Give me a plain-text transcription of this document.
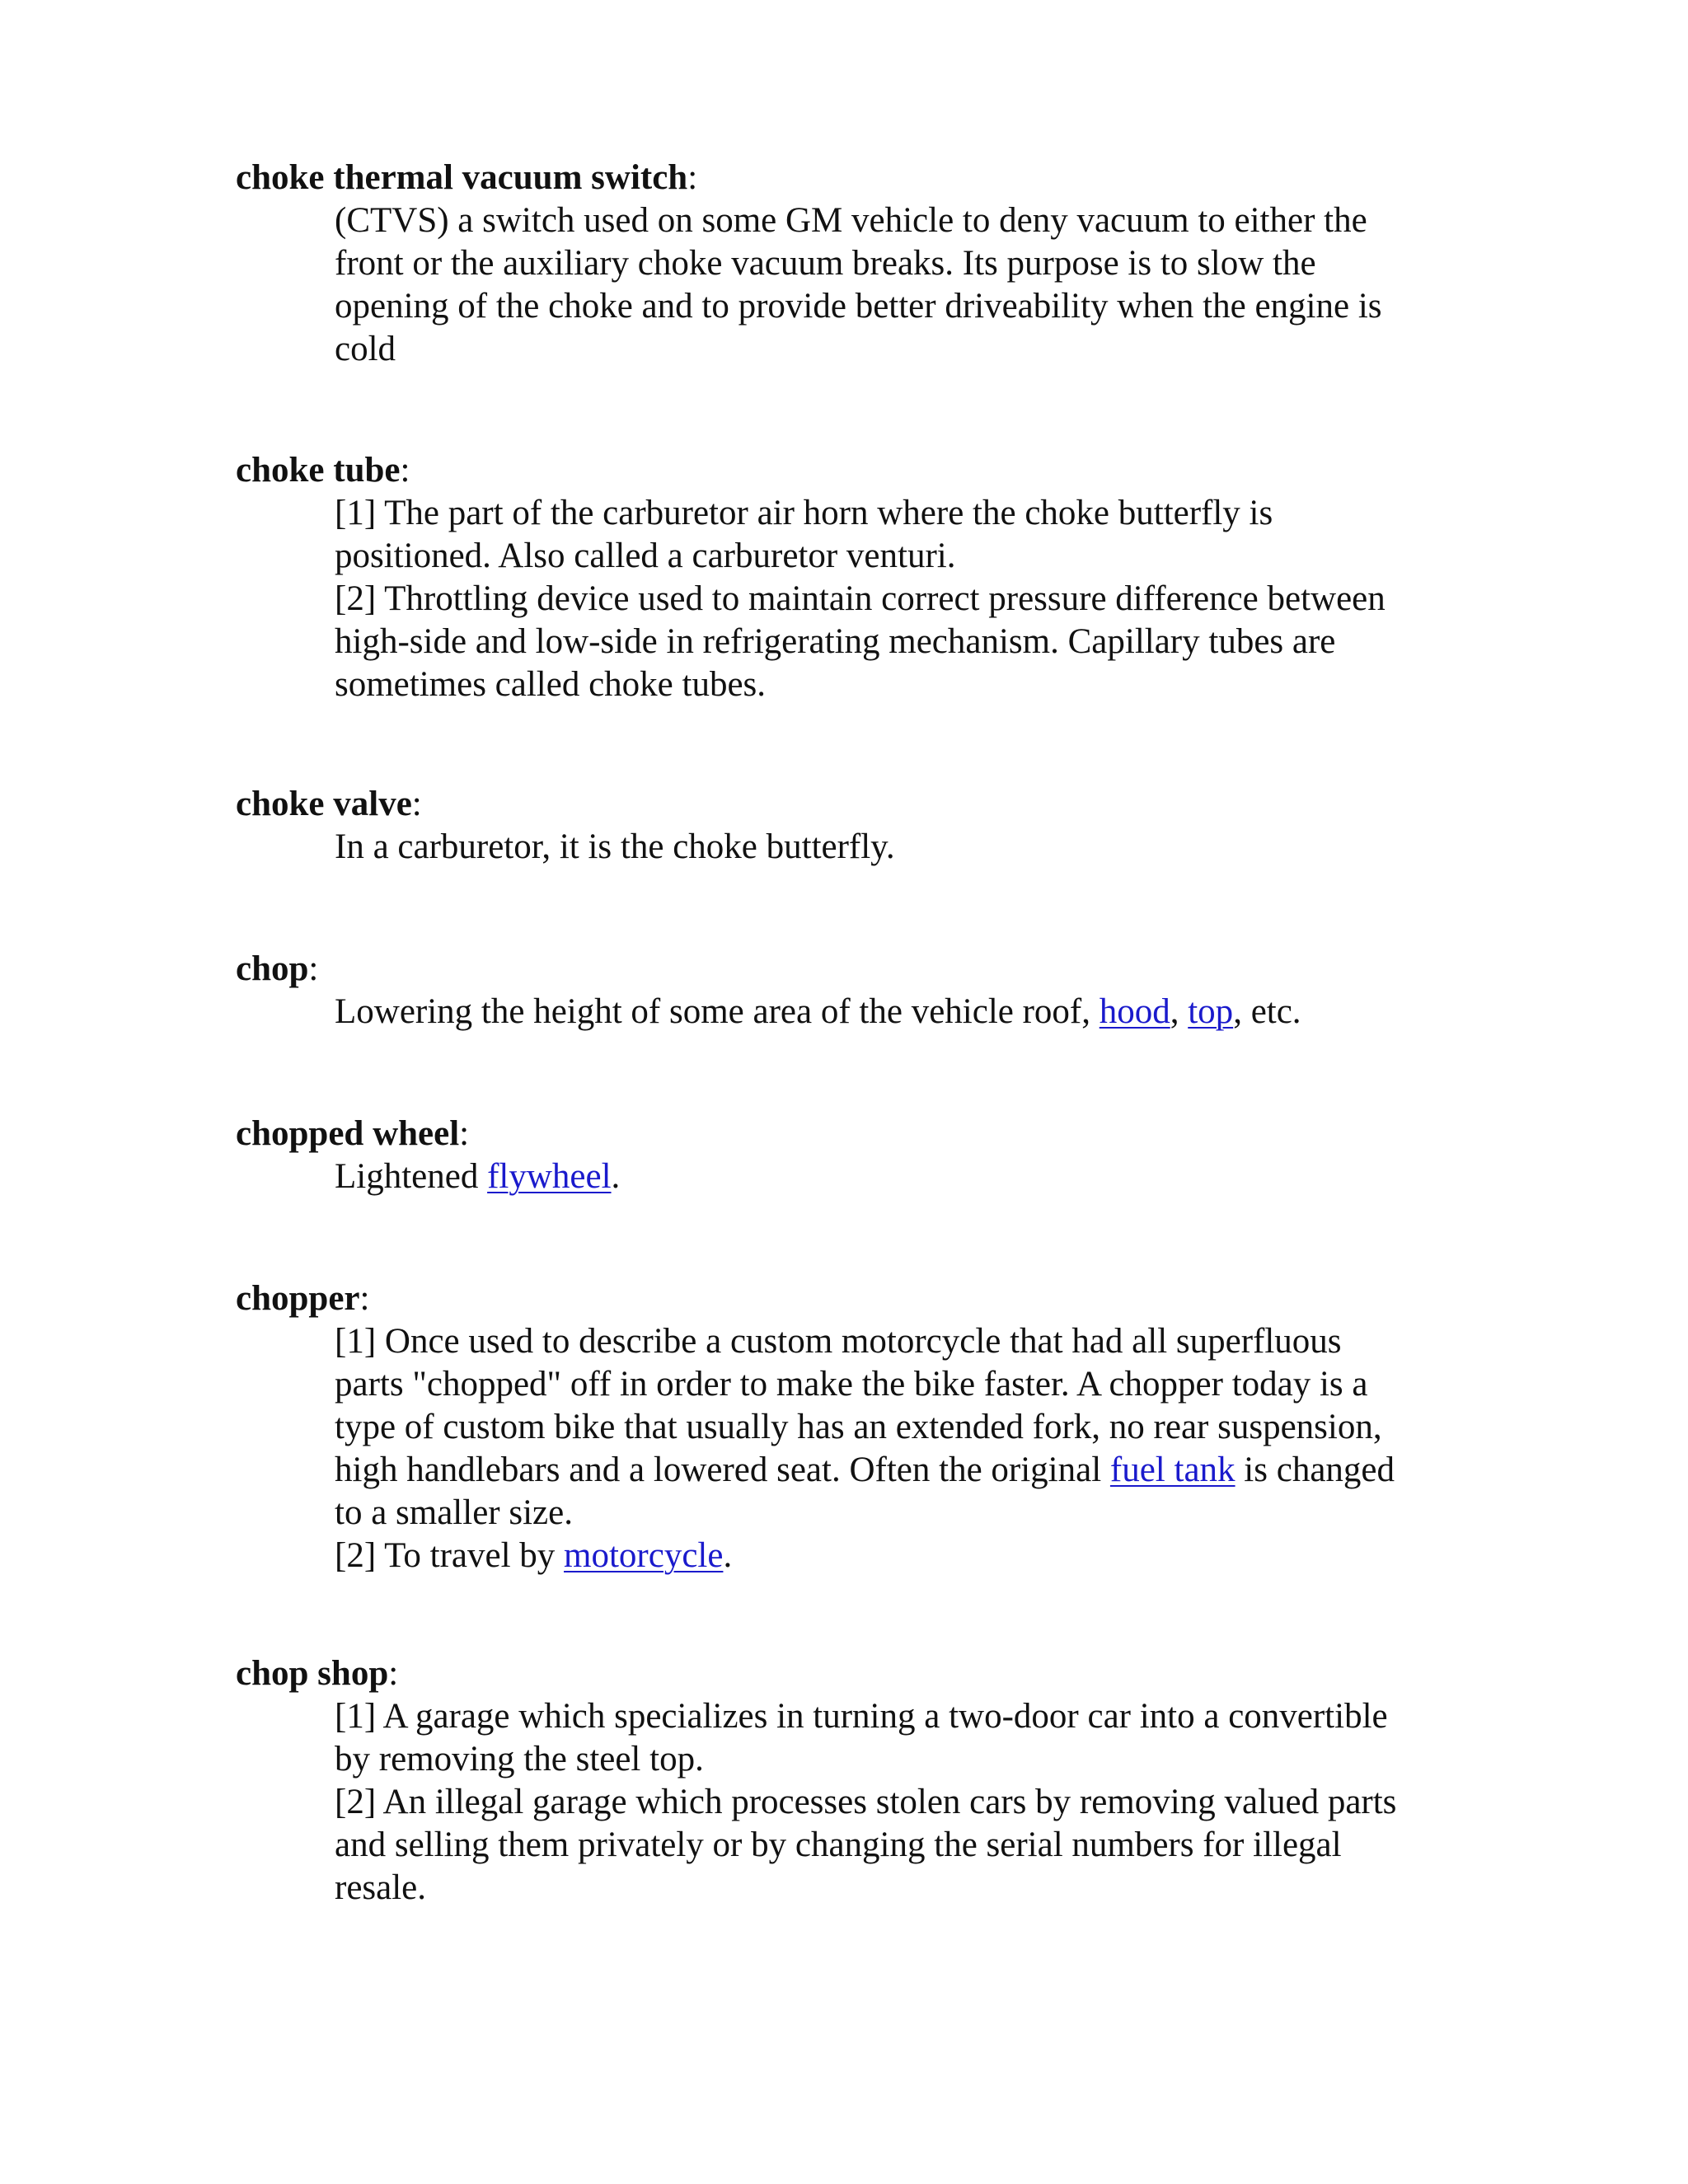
choke thermal vacuum switch:
(CTVS) a switch used on some GM vehicle to deny vacuum to either the
front or the auxiliary choke vacuum breaks. Its purpose is to slow the
opening of the choke and to provide better driveability when the engine is
cold
choke tube:
[1] The part of the carburetor air horn where the choke butterfly is
positioned. Also called a carburetor venturi.
[2] Throttling device used to maintain correct pressure difference between
high-side and low-side in refrigerating mechanism. Capillary tubes are
sometimes called choke tubes.
choke valve:
In a carburetor, it is the choke butterfly.
chop:
Lowering the height of some area of the vehicle roof, hood, top, etc.
chopped wheel:
Lightened flywheel.
chopper:
[1] Once used to describe a custom motorcycle that had all superfluous
parts "chopped" off in order to make the bike faster. A chopper today is a
type of custom bike that usually has an extended fork, no rear suspension,
high handlebars and a lowered seat. Often the original fuel tank is changed
to a smaller size.
[2] To travel by motorcycle.
chop shop:
[1] A garage which specializes in turning a two-door car into a convertible
by removing the steel top.
[2] An illegal garage which processes stolen cars by removing valued parts
and selling them privately or by changing the serial numbers for illegal
resale.
